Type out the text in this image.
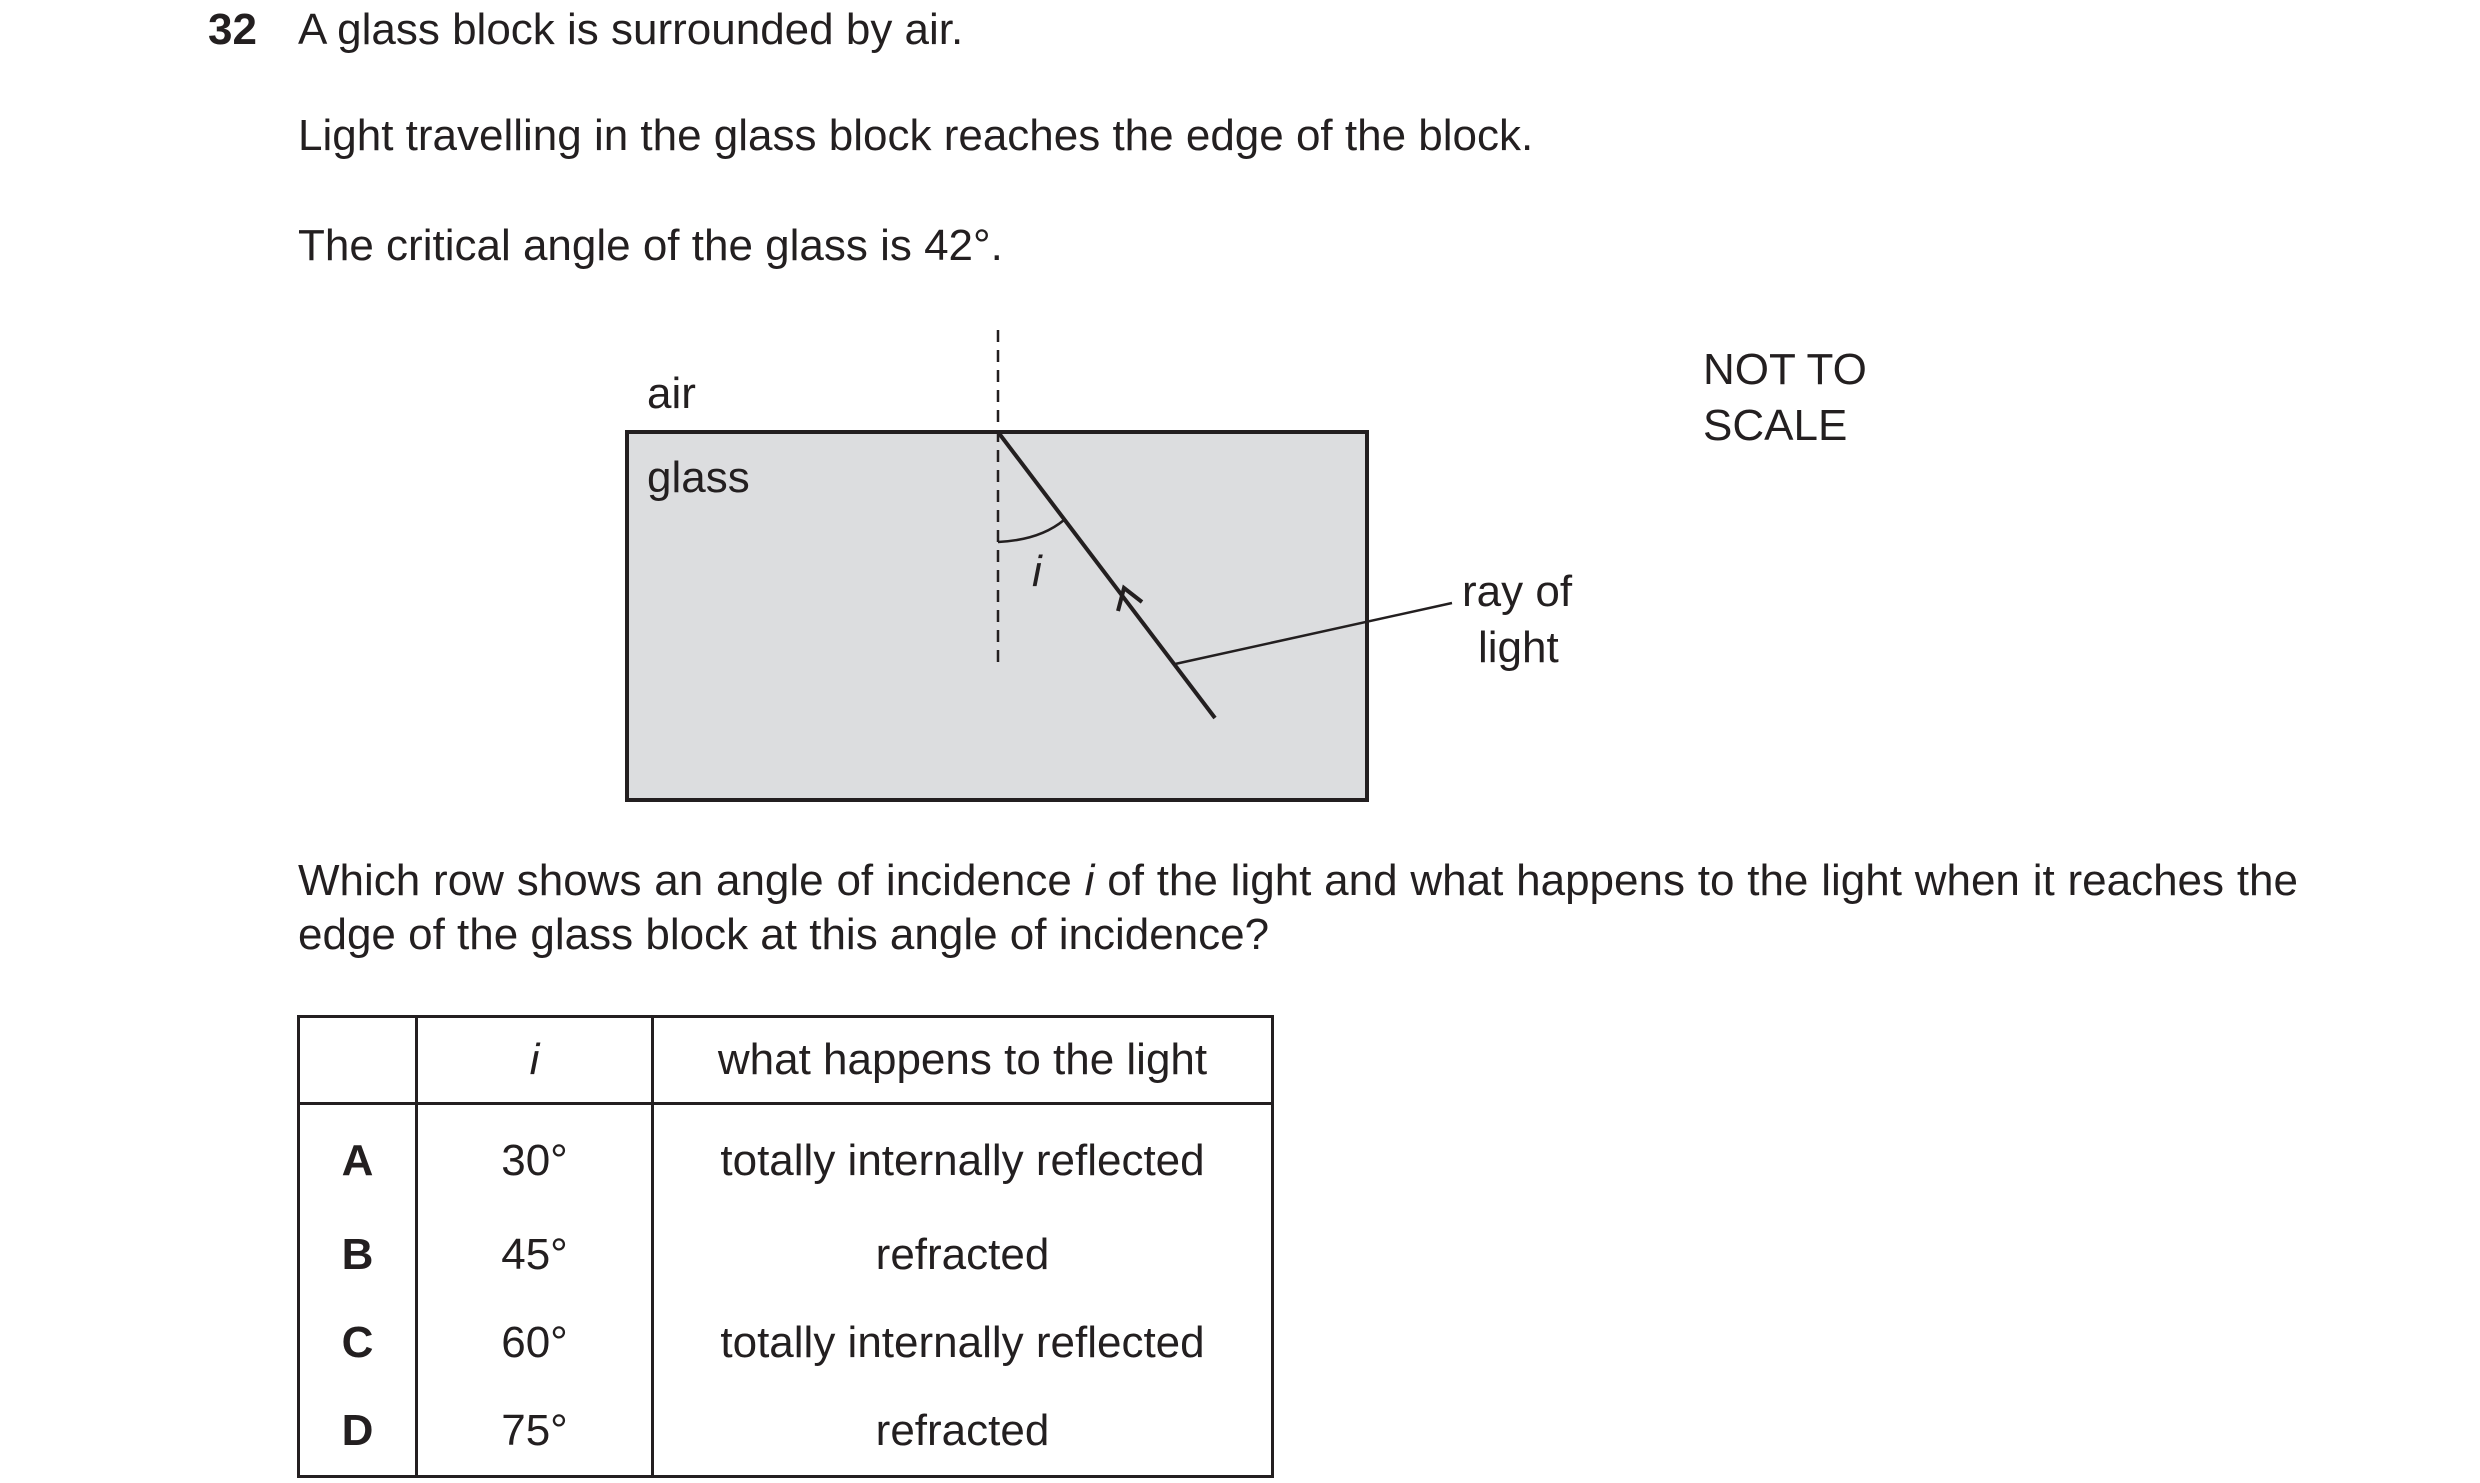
32 A glass block is surrounded by air.
Light travelling in the glass block reaches the edge of the block.
The critical angle of the glass is 42°.
air
glass
i	ray of
light
NOT TO
SCALE
Which row shows an angle of incidence i of the light and what happens to the light when it reaches the edge of the glass block at this angle of incidence?
	i	what happens to the light
A	30°	totally internally reflected
B	45°	refracted
C	60°	totally internally reflected
D	75°	refracted
